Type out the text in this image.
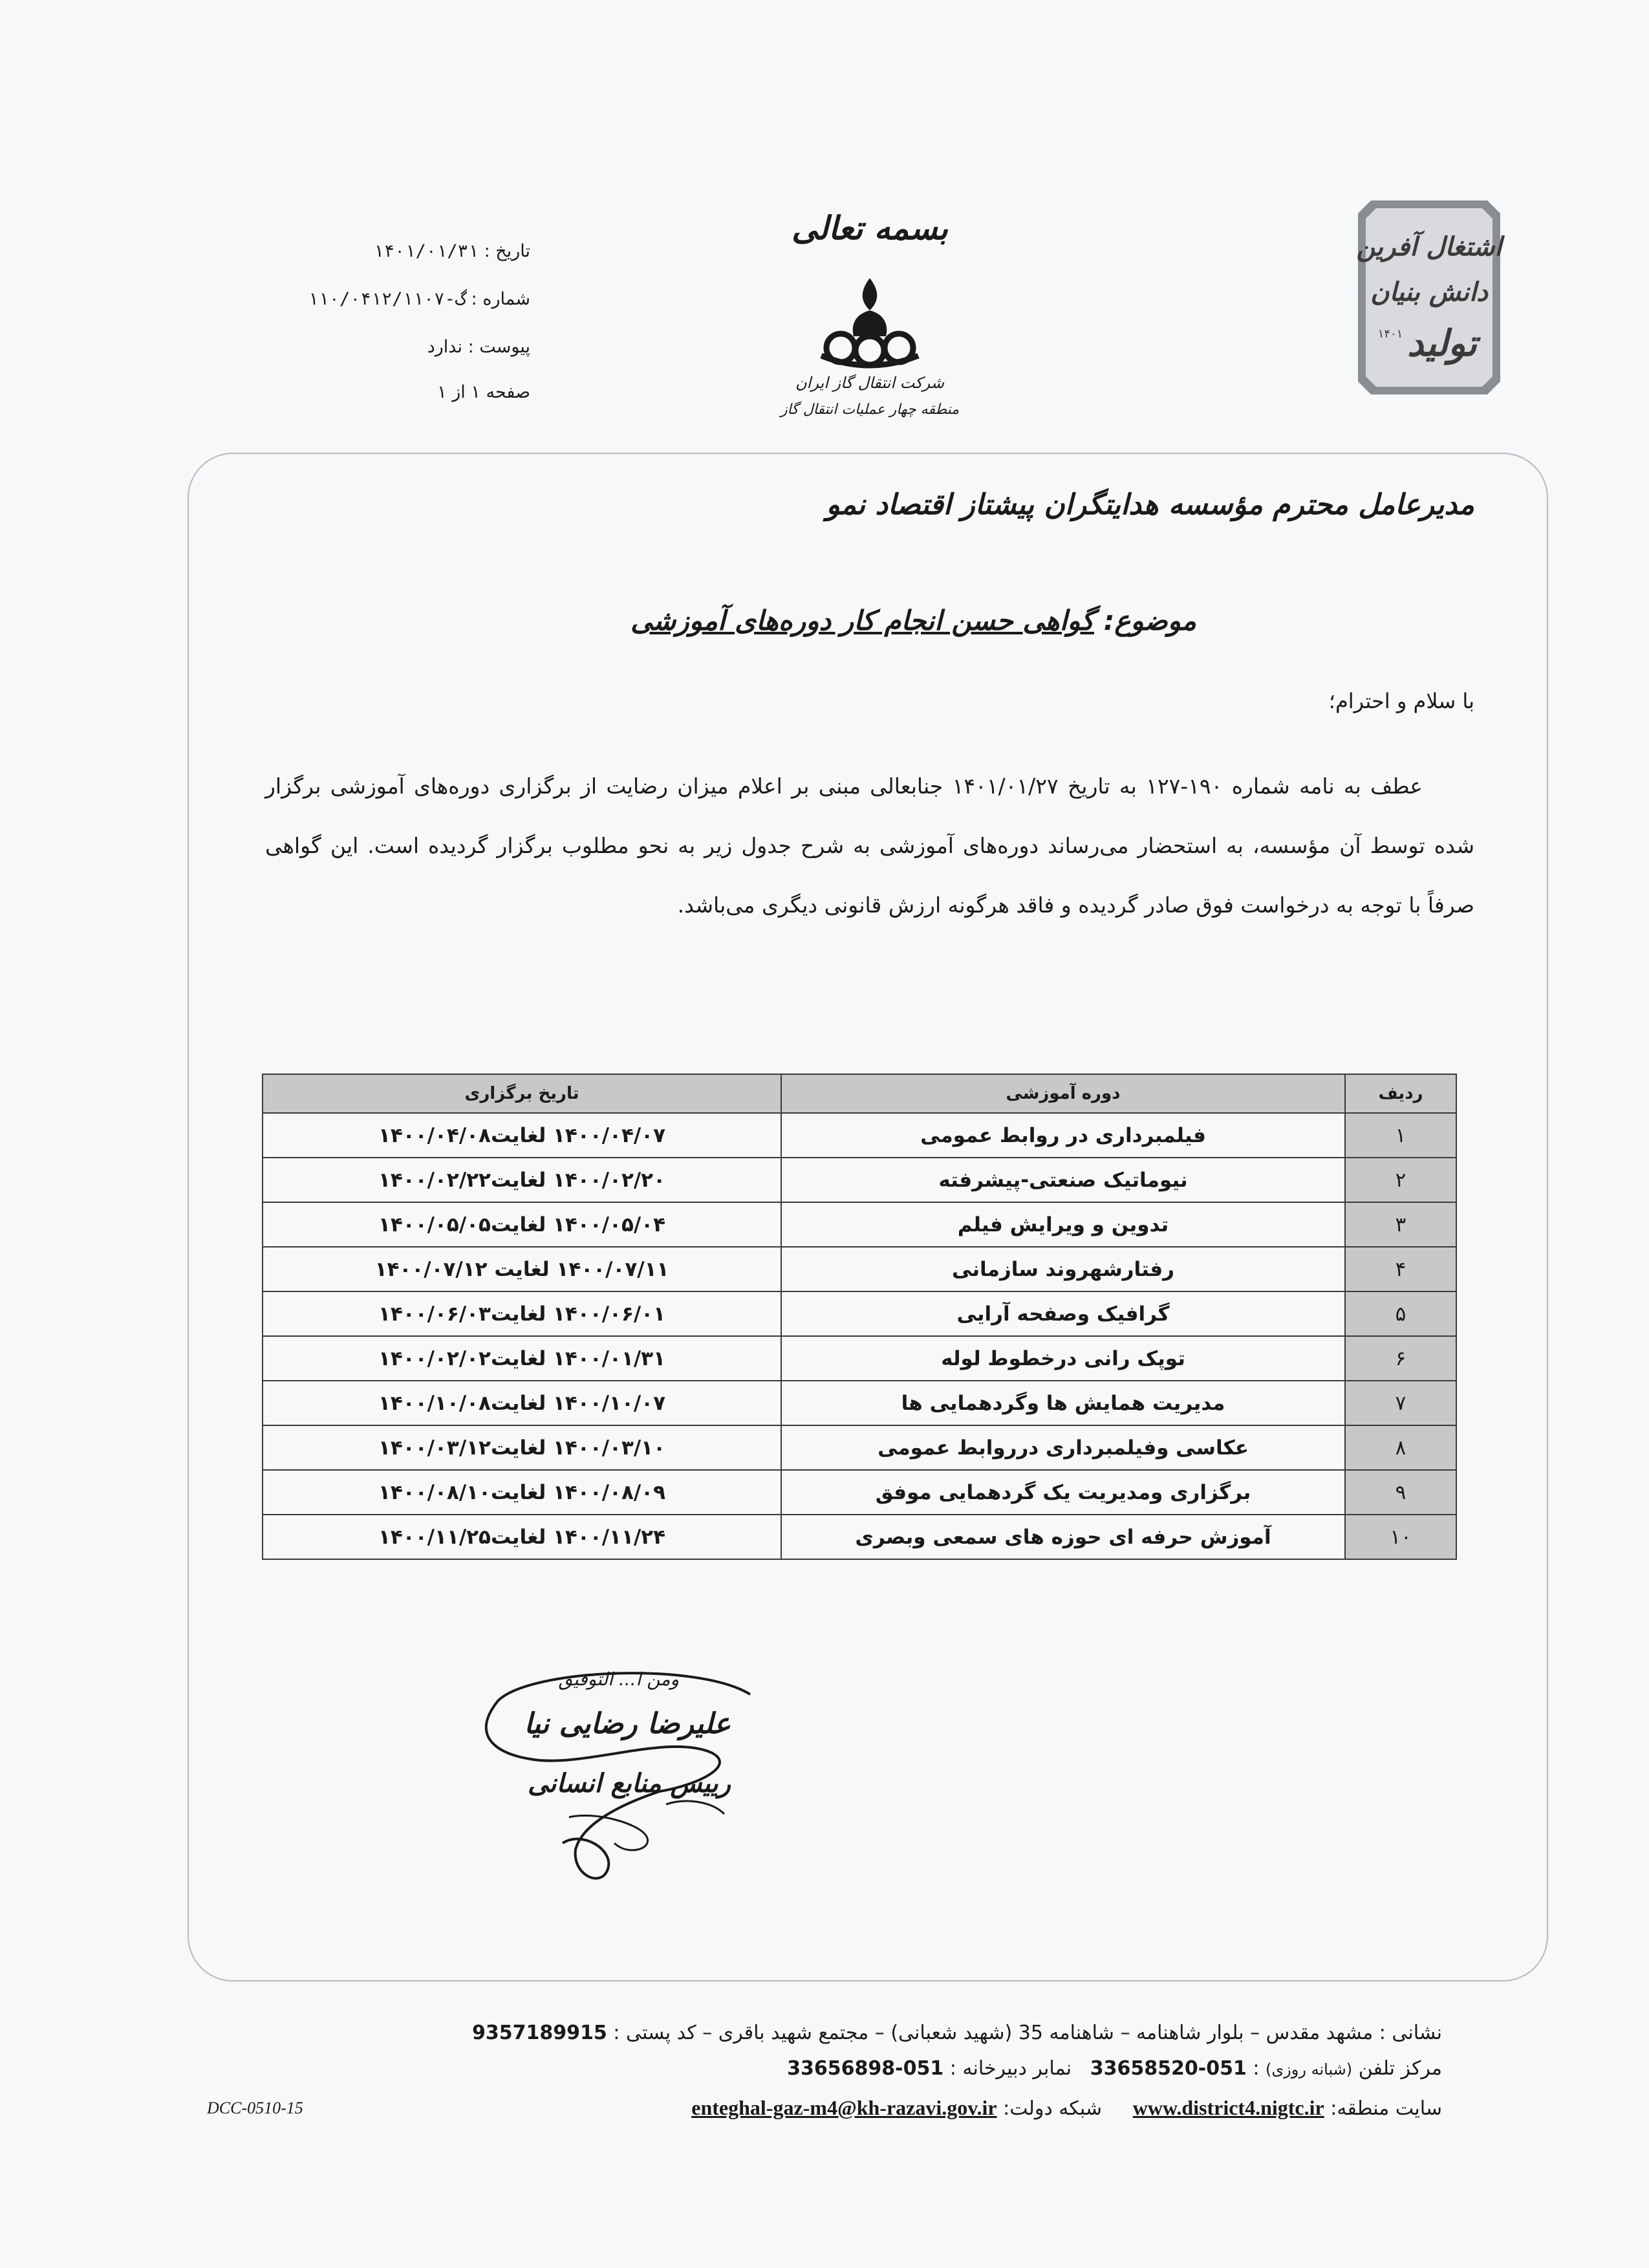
تاریخ : ۱۴۰۱/۰۱/۳۱
شماره : گ-۱۱۰/۰۴۱۲/۱۱۰۷
پیوست : ندارد
صفحه ۱ از ۱
بسمه تعالی
شرکت انتقال گاز ایران
منطقه چهار عملیات انتقال گاز
اشتغال آفرین
دانش بنیان
تولید
۱۴۰۱
مدیرعامل محترم مؤسسه هدایتگران پیشتاز اقتصاد نمو
موضوع: گواهی حسن انجام کار دوره‌های آموزشی
با سلام و احترام؛
عطف به نامه شماره ۱۹۰-۱۲۷ به تاریخ ۱۴۰۱/۰۱/۲۷ جنابعالی مبنی بر اعلام میزان رضایت از برگزاری دوره‌های آموزشی برگزار شده توسط آن مؤسسه، به استحضار می‌رساند دوره‌های آموزشی به شرح جدول زیر به نحو مطلوب برگزار گردیده است. این گواهی صرفاً با توجه به درخواست فوق صادر گردیده و فاقد هرگونه ارزش قانونی دیگری می‌باشد.
ردیف	دوره آموزشی	تاریخ برگزاری
۱	فیلمبرداری در روابط عمومی	۱۴۰۰/۰۴/۰۷ لغایت۱۴۰۰/۰۴/۰۸
۲	نیوماتیک صنعتی-پیشرفته	۱۴۰۰/۰۲/۲۰ لغایت۱۴۰۰/۰۲/۲۲
۳	تدوین و ویرایش فیلم	۱۴۰۰/۰۵/۰۴ لغایت۱۴۰۰/۰۵/۰۵
۴	رفتارشهروند سازمانی	۱۴۰۰/۰۷/۱۱ لغایت ۱۴۰۰/۰۷/۱۲
۵	گرافیک وصفحه آرایی	۱۴۰۰/۰۶/۰۱ لغایت۱۴۰۰/۰۶/۰۳
۶	توپک رانی درخطوط لوله	۱۴۰۰/۰۱/۳۱ لغایت۱۴۰۰/۰۲/۰۲
۷	مدیریت همایش ها وگردهمایی ها	۱۴۰۰/۱۰/۰۷ لغایت۱۴۰۰/۱۰/۰۸
۸	عکاسی وفیلمبرداری درروابط عمومی	۱۴۰۰/۰۳/۱۰ لغایت۱۴۰۰/۰۳/۱۲
۹	برگزاری ومدیریت یک گردهمایی موفق	۱۴۰۰/۰۸/۰۹ لغایت۱۴۰۰/۰۸/۱۰
۱۰	آموزش حرفه ای حوزه های سمعی وبصری	۱۴۰۰/۱۱/۲۴ لغایت۱۴۰۰/۱۱/۲۵
ومن ا... التوفیق
علیرضا رضایی نیا
رییس منابع انسانی
نشانی : مشهد مقدس – بلوار شاهنامه – شاهنامه 35 (شهید شعبانی) – مجتمع شهید باقری – کد پستی : 9357189915
مرکز تلفن (شبانه روزی) : 051-33658520   نمابر دبیرخانه : 051-33656898
سایت منطقه: www.district4.nigtc.ir     شبکه دولت: enteghal-gaz-m4@kh-razavi.gov.ir
DCC-0510-15
